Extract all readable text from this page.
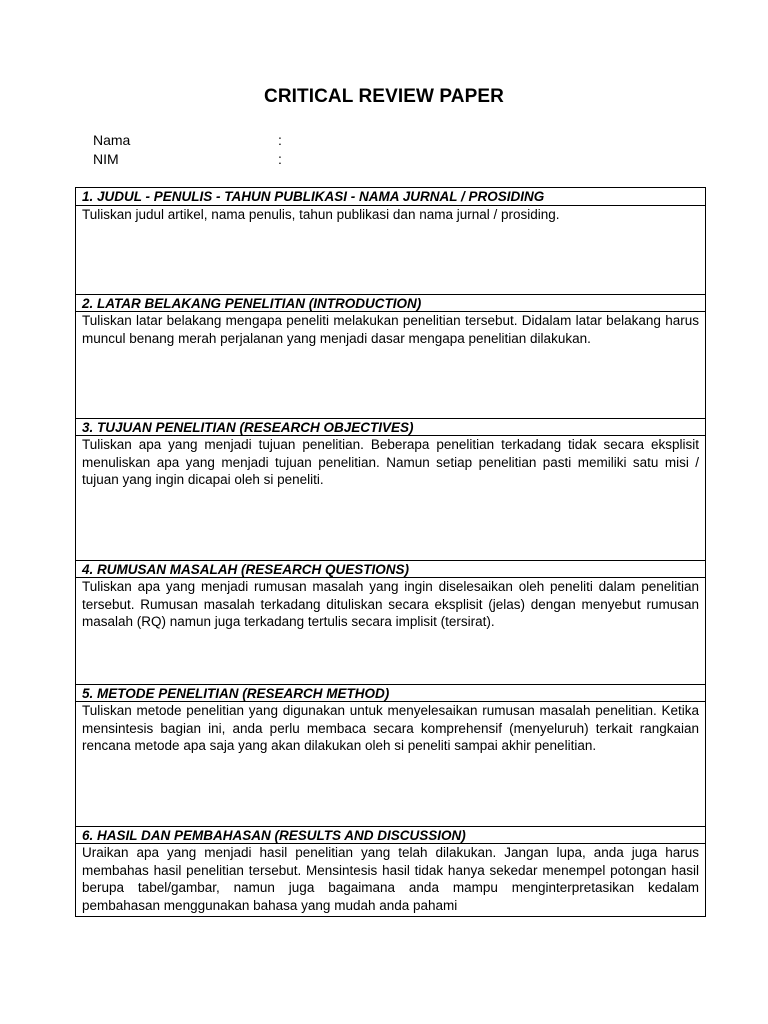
CRITICAL REVIEW PAPER
Nama	:
NIM	:
1. JUDUL - PENULIS - TAHUN PUBLIKASI - NAMA JURNAL / PROSIDING
Tuliskan judul artikel, nama penulis, tahun publikasi dan nama jurnal / prosiding.
2. LATAR BELAKANG PENELITIAN (INTRODUCTION)
Tuliskan latar belakang mengapa peneliti melakukan penelitian tersebut. Didalam latar belakang harus muncul benang merah perjalanan yang menjadi dasar mengapa penelitian dilakukan.
3. TUJUAN PENELITIAN (RESEARCH OBJECTIVES)
Tuliskan apa yang menjadi tujuan penelitian. Beberapa penelitian terkadang tidak secara eksplisit menuliskan apa yang menjadi tujuan penelitian. Namun setiap penelitian pasti memiliki satu misi / tujuan yang ingin dicapai oleh si peneliti.
4. RUMUSAN MASALAH (RESEARCH QUESTIONS)
Tuliskan apa yang menjadi rumusan masalah yang ingin diselesaikan oleh peneliti dalam penelitian tersebut. Rumusan masalah terkadang dituliskan secara eksplisit (jelas) dengan menyebut rumusan masalah (RQ) namun juga terkadang tertulis secara implisit (tersirat).
5. METODE PENELITIAN (RESEARCH METHOD)
Tuliskan metode penelitian yang digunakan untuk menyelesaikan rumusan masalah penelitian. Ketika mensintesis bagian ini, anda perlu membaca secara komprehensif (menyeluruh) terkait rangkaian rencana metode apa saja yang akan dilakukan oleh si peneliti sampai akhir penelitian.
6. HASIL DAN PEMBAHASAN (RESULTS AND DISCUSSION)
Uraikan apa yang menjadi hasil penelitian yang telah dilakukan. Jangan lupa, anda juga harus membahas hasil penelitian tersebut. Mensintesis hasil tidak hanya sekedar menempel potongan hasil berupa tabel/gambar, namun juga bagaimana anda mampu menginterpretasikan kedalam pembahasan menggunakan bahasa yang mudah anda pahami
